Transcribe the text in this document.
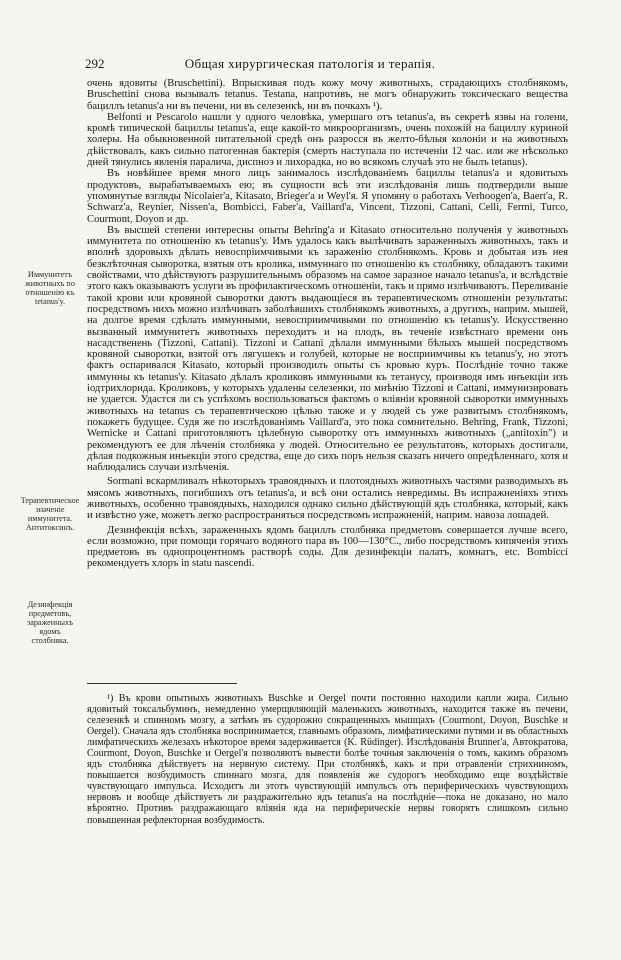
292	Общая хирургическая патологія и терапія.

очень ядовиты (Bruschettini). Впрыскивая подъ кожу мочу животныхъ, страдающихъ столбнякомъ, Bruschettini снова вызывалъ tetanus. Testana, напротивъ, не могъ обнаружить токсическаго вещества бациллъ tetanus'а ни въ печени, ни въ селезенкѣ, ни въ почкахъ ¹).

Belfonti и Pescarolo нашли у одного человѣка, умершаго отъ tetanus'а, въ секретѣ язвы на голени, кромѣ типической бациллы tetanus'а, еще какой-то микроорганизмъ, очень похожій на бациллу куриной холеры. На обыкновенной питательной средѣ онъ разросся въ желто-бѣлыя колоніи и на животныхъ дѣйствовалъ, какъ сильно патогенная бактерія (смерть наступала по истеченіи 12 час. или же нѣсколько дней тянулись явленія паралича, диспноэ и лихорадка, но во всякомъ случаѣ это не былъ tetanus).

Въ новѣйшее время много лицъ занималось изслѣдованіемъ бациллы tetanus'а и ядовитыхъ продуктовъ, вырабатываемыхъ ею; въ сущности всѣ эти изслѣдованія лишь подтвердили выше упомянутые взгляды Nicolaier'а, Kitasato, Brieger'а и Weyl'я. Я упомяну о работахъ Verhoogen'а, Baert'а, R. Schwarz'а, Reynier, Nissen'а, Bombicci, Faber'а, Vaillard'а, Vincent, Tizzoni, Cattani, Celli, Fermi, Turco, Courmont, Doyon и др.

Въ высшей степени интересны опыты Behring'а и Kitasato относительно полученія у животныхъ иммунитета по отношенію къ tetanus'у. Имъ удалось какъ вылѣчивать зараженныхъ животныхъ, такъ и вполнѣ здоровыхъ дѣлать невоспріимчивыми къ зараженію столбнякомъ. Кровь и добытая изъ нея безклѣточная сыворотка, взятыя отъ кролика, иммуннаго по отношенію къ столбняку, обладаютъ такими свойствами, что дѣйствуютъ разрушительнымъ образомъ на самое заразное начало tetanus'а, и вслѣдствіе этого какъ оказываютъ услуги въ профилактическомъ отношеніи, такъ и прямо излѣчиваютъ. Переливаніе такой крови или кровяной сыворотки даютъ выдающіеся въ терапевтическомъ отношеніи результаты: посредствомъ нихъ можно излѣчивать заболѣвшихъ столбнякомъ животныхъ, а другихъ, наприм. мышей, на долгое время сдѣлать иммунными, невосприимчивыми по отношенію къ tetanus'у. Искусственно вызванный иммунитетъ животныхъ переходитъ и на плодъ, въ теченіе извѣстнаго времени онъ насадственень (Tizzoni, Cattani). Tizzoni и Cattani дѣлали иммунными бѣлыхъ мышей посредствомъ кровяной сыворотки, взятой отъ лягушекъ и голубей, которые не восприимчивы къ tetanus'у, но этотъ фактъ оспаривался Kitasato, который производилъ опыты съ кровью куръ. Послѣдніе точно также иммунны къ tetanus'у. Kitasato дѣлалъ кроликовъ иммунными къ тетанусу, производя имъ инъекціи изъ іодтрихлорида. Кроликовъ, у которыхъ удалены селезенки, по мнѣнію Tizzoni и Cattani, иммунизировать не удается. Удастся ли съ успѣхомъ воспользоваться фактомъ о вліяніи кровяной сыворотки иммунныхъ животныхъ на tetanus съ терапевтическою цѣлью также и у людей съ уже развитымъ столбнякомъ, покажетъ будущее. Судя же по изслѣдованіямъ Vaillard'а, это пока сомнительно. Behring, Frank, Tizzoni, Wernicke и Cattani приготовляютъ цѣлебную сыворотку отъ иммунныхъ животныхъ („antitoxin") и рекомендуютъ ее для лѣченія столбняка у людей. Относительно ее результатовъ, которыхъ достигали, дѣлая подкожныя инъекціи этого средства, еще до сихъ поръ нельзя сказать ничего опредѣленнаго, хотя и наблюдались случаи излѣченія.

Sormani вскармливалъ нѣкоторыхъ травоядныхъ и плотоядныхъ животныхъ частями разводимыхъ въ мясомъ животныхъ, погибшихъ отъ tetanus'а, и всѣ они остались невредимы. Въ испражненіяхъ этихъ животныхъ, особенно травоядныхъ, находился однако сильно дѣйствующій ядъ столбняка, который, какъ и извѣстно уже, можетъ легко распространяться посредствомъ испражненій, наприм. навоза лошадей.

Дезинфекція всѣхъ, зараженныхъ ядомъ бациллъ столбняка предметовъ совершается лучше всего, если возможно, при помощи горячаго водяного пара въ 100—130°С., либо посредствомъ кипяченія этихъ предметовъ въ однопроцентномъ растворѣ соды. Для дезинфекціи палатъ, комнатъ, etc. Bombicci рекомендуетъ хлоръ in statu nascendi.

Иммунитетъ животныхъ по отношенію къ tetanus'у.
Терапевтическое значеніе иммунитета. Антитоксинъ.
Дезинфекція предметовъ, зараженныхъ ядомъ столбняка.

¹) Въ крови опытныхъ животныхъ Buschke и Oergel почти постоянно находили капли жира. Сильно ядовитый токсальбуминъ, немедленно умерщвляющій маленькихъ животныхъ, находится также въ печени, селезенкѣ и спинномъ мозгу, а затѣмъ въ судорожно сокращенныхъ мышцахъ (Courmont, Doyon, Buschke и Oergel). Сначала ядъ столбняка воспринимается, главнымъ образомъ, лимфатическими путями и въ областныхъ лимфатическихъ железахъ нѣкоторое время задерживается (K. Rüdinger). Изслѣдованія Brunner'а, Автократова, Courmont, Doyon, Buschke и Oergel'я позволяютъ вывести болѣе точныя заключенія о томъ, какимъ образомъ ядъ столбняка дѣйствуетъ на нервную систему. При столбнякѣ, какъ и при отравленіи стрихниномъ, повышается возбудимость спиннаго мозга, для появленія же судорогъ необходимо еще воздѣйствіе чувствующаго импульса. Исходитъ ли этотъ чувствующій импульсъ отъ периферическихъ чувствующихъ нервовъ и вообще дѣйствуетъ ли раздражительно ядъ tetanus'а на послѣдніе—пока не доказано, но мало вѣроятно. Противъ раздражающаго вліянія яда на периферическіе нервы говорятъ слишкомъ сильно повышенная рефлекторная возбудимость.
